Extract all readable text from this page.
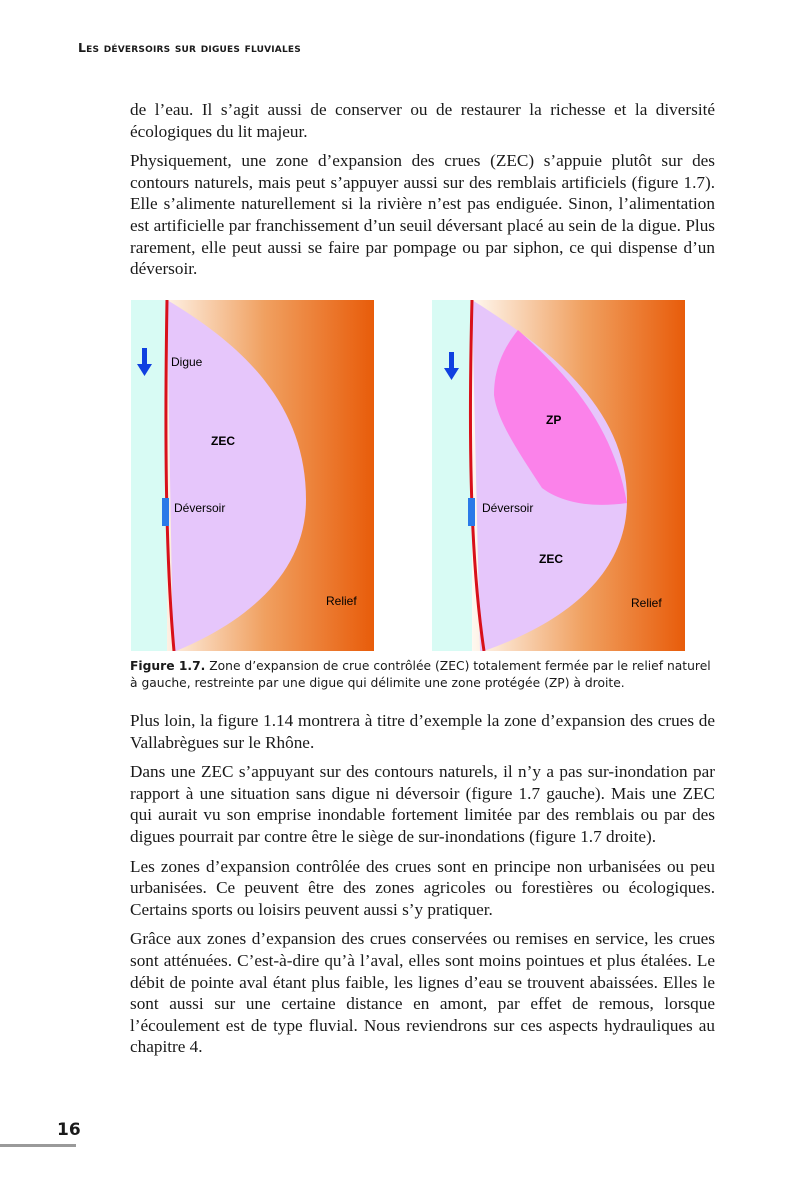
Les déversoirs sur digues fluviales

de l’eau. Il s’agit aussi de conserver ou de restaurer la richesse et la diversité écologiques du lit majeur.

Physiquement, une zone d’expansion des crues (ZEC) s’appuie plutôt sur des contours naturels, mais peut s’appuyer aussi sur des remblais artificiels (figure 1.7). Elle s’alimente naturellement si la rivière n’est pas endiguée. Sinon, l’alimentation est artificielle par franchissement d’un seuil déversant placé au sein de la digue. Plus rarement, elle peut aussi se faire par pompage ou par siphon, ce qui dispense d’un déversoir.

Digue
ZEC
Déversoir
Relief
ZP
Déversoir
ZEC
Relief
Figure 1.7. Zone d’expansion de crue contrôlée (ZEC) totalement fermée par le relief naturel à gauche, restreinte par une digue qui délimite une zone protégée (ZP) à droite.

Plus loin, la figure 1.14 montrera à titre d’exemple la zone d’expansion des crues de Vallabrègues sur le Rhône.

Dans une ZEC s’appuyant sur des contours naturels, il n’y a pas sur-inondation par rapport à une situation sans digue ni déversoir (figure 1.7 gauche). Mais une ZEC qui aurait vu son emprise inondable fortement limitée par des remblais ou par des digues pourrait par contre être le siège de sur-inondations (figure 1.7 droite).

Les zones d’expansion contrôlée des crues sont en principe non urbanisées ou peu urbanisées. Ce peuvent être des zones agricoles ou forestières ou écologiques. Certains sports ou loisirs peuvent aussi s’y pratiquer.

Grâce aux zones d’expansion des crues conservées ou remises en service, les crues sont atténuées. C’est-à-dire qu’à l’aval, elles sont moins pointues et plus étalées. Le débit de pointe aval étant plus faible, les lignes d’eau se trouvent abaissées. Elles le sont aussi sur une certaine distance en amont, par effet de remous, lorsque l’écoulement est de type fluvial. Nous reviendrons sur ces aspects hydrauliques au chapitre 4.

16
